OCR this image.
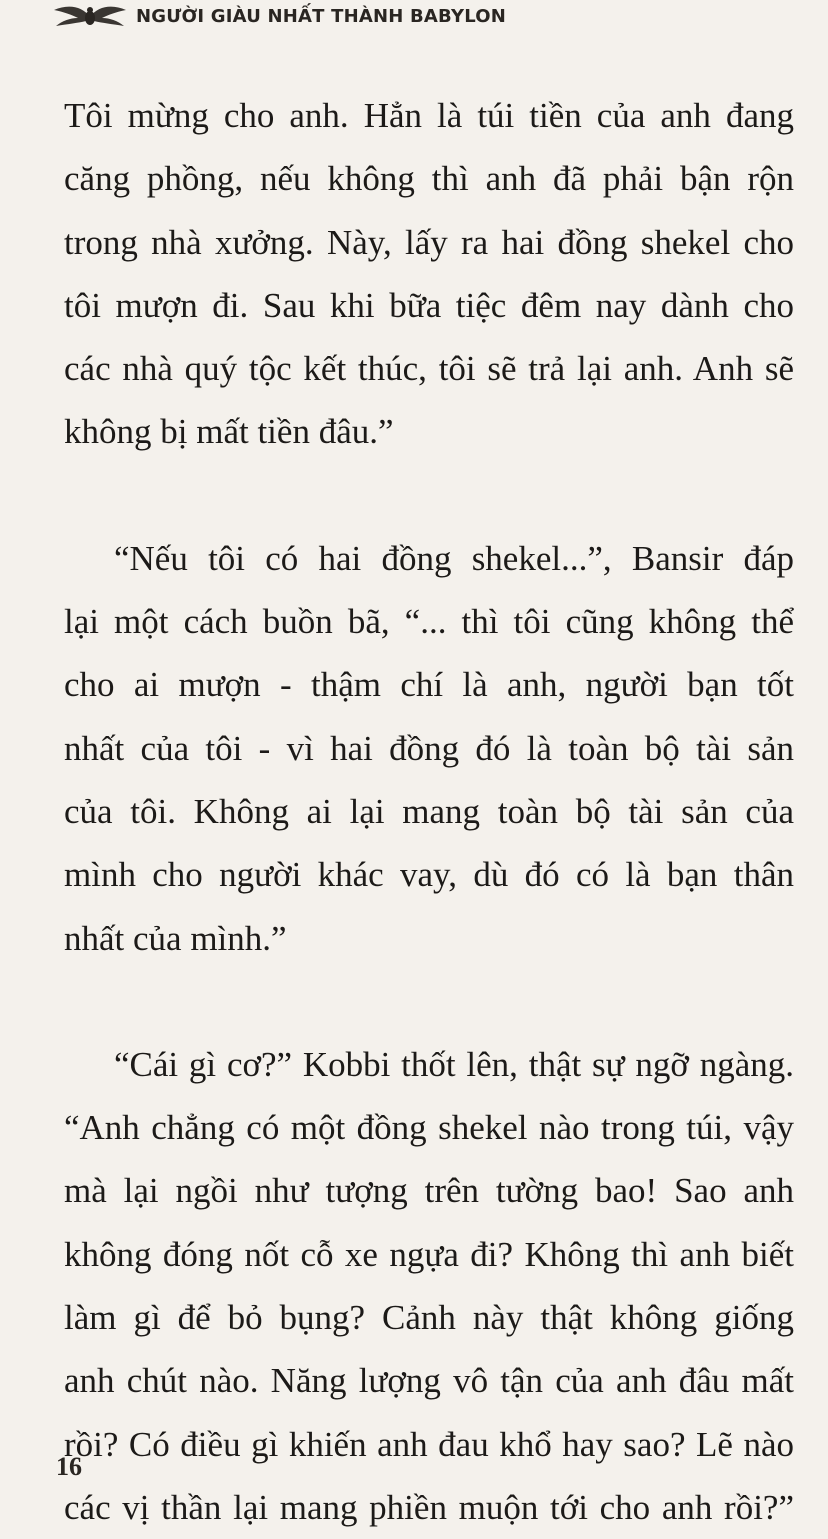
NGƯỜI GIÀU NHẤT THÀNH BABYLON
Tôi mừng cho anh. Hẳn là túi tiền của anh đang
căng phồng, nếu không thì anh đã phải bận rộn
trong nhà xưởng. Này, lấy ra hai đồng shekel cho
tôi mượn đi. Sau khi bữa tiệc đêm nay dành cho
các nhà quý tộc kết thúc, tôi sẽ trả lại anh. Anh sẽ
không bị mất tiền đâu.”
“Nếu tôi có hai đồng shekel...”, Bansir đáp
lại một cách buồn bã, “... thì tôi cũng không thể
cho ai mượn - thậm chí là anh, người bạn tốt
nhất của tôi - vì hai đồng đó là toàn bộ tài sản
của tôi. Không ai lại mang toàn bộ tài sản của
mình cho người khác vay, dù đó có là bạn thân
nhất của mình.”
“Cái gì cơ?” Kobbi thốt lên, thật sự ngỡ ngàng.
“Anh chẳng có một đồng shekel nào trong túi, vậy
mà lại ngồi như tượng trên tường bao! Sao anh
không đóng nốt cỗ xe ngựa đi? Không thì anh biết
làm gì để bỏ bụng? Cảnh này thật không giống
anh chút nào. Năng lượng vô tận của anh đâu mất
rồi? Có điều gì khiến anh đau khổ hay sao? Lẽ nào
các vị thần lại mang phiền muộn tới cho anh rồi?”
16
